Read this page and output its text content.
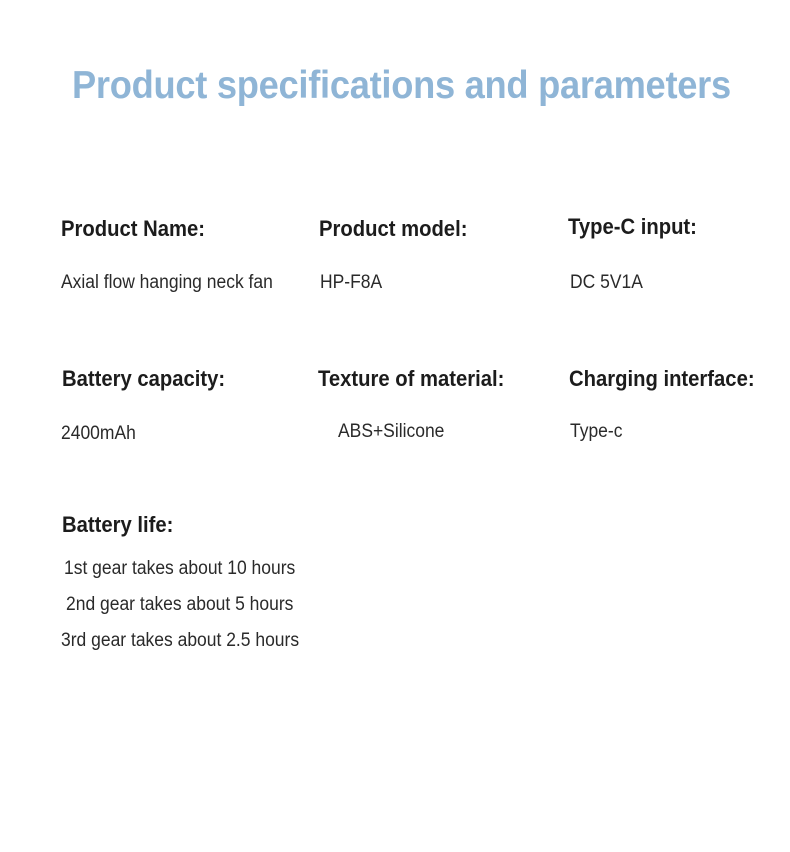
Product specifications and parameters
Product Name:
Axial flow hanging neck fan
Product model:
HP-F8A
Type-C input:
DC 5V1A
Battery capacity:
2400mAh
Texture of material:
ABS+Silicone
Charging interface:
Type-c
Battery life:
1st gear takes about 10 hours
2nd gear takes about 5 hours
3rd gear takes about 2.5 hours
